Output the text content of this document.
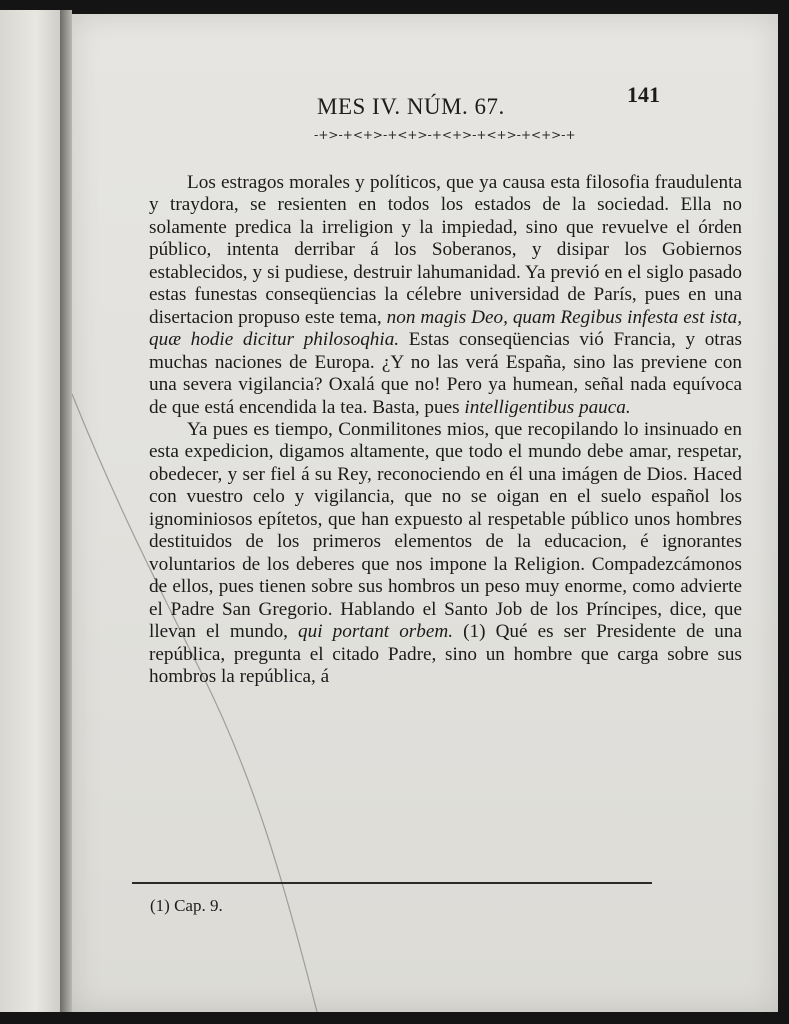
MES IV. NÚM. 67.	141
-+>-+<+>-+<+>-+<+>-+<+>-+<+>-+

Los estragos morales y políticos, que ya causa esta filosofia fraudulenta y traydora, se resienten en todos los estados de la sociedad. Ella no solamente predica la irreligion y la impiedad, sino que revuelve el órden público, intenta derribar á los Soberanos, y disipar los Gobiernos establecidos, y si pudiese, destruir lahumanidad. Ya previó en el siglo pasado estas funestas conseqüencias la célebre universidad de París, pues en una disertacion propuso este tema, non magis Deo, quam Regibus infesta est ista, quæ hodie dicitur philosoqhia. Estas conseqüencias vió Francia, y otras muchas naciones de Europa. ¿Y no las verá España, sino las previene con una severa vigilancia? Oxalá que no! Pero ya humean, señal nada equívoca de que está encendida la tea. Basta, pues intelligentibus pauca.

Ya pues es tiempo, Conmilitones mios, que recopilando lo insinuado en esta expedicion, digamos altamente, que todo el mundo debe amar, respetar, obedecer, y ser fiel á su Rey, reconociendo en él una imágen de Dios. Haced con vuestro celo y vigilancia, que no se oigan en el suelo español los ignominiosos epítetos, que han expuesto al respetable público unos hombres destituidos de los primeros elementos de la educacion, é ignorantes voluntarios de los deberes que nos impone la Religion. Compadezcámonos de ellos, pues tienen sobre sus hombros un peso muy enorme, como advierte el Padre San Gregorio. Hablando el Santo Job de los Príncipes, dice, que llevan el mundo, qui portant orbem. (1) Qué es ser Presidente de una república, pregunta el citado Padre, sino un hombre que carga sobre sus hombros la república, á

(1) Cap. 9.
